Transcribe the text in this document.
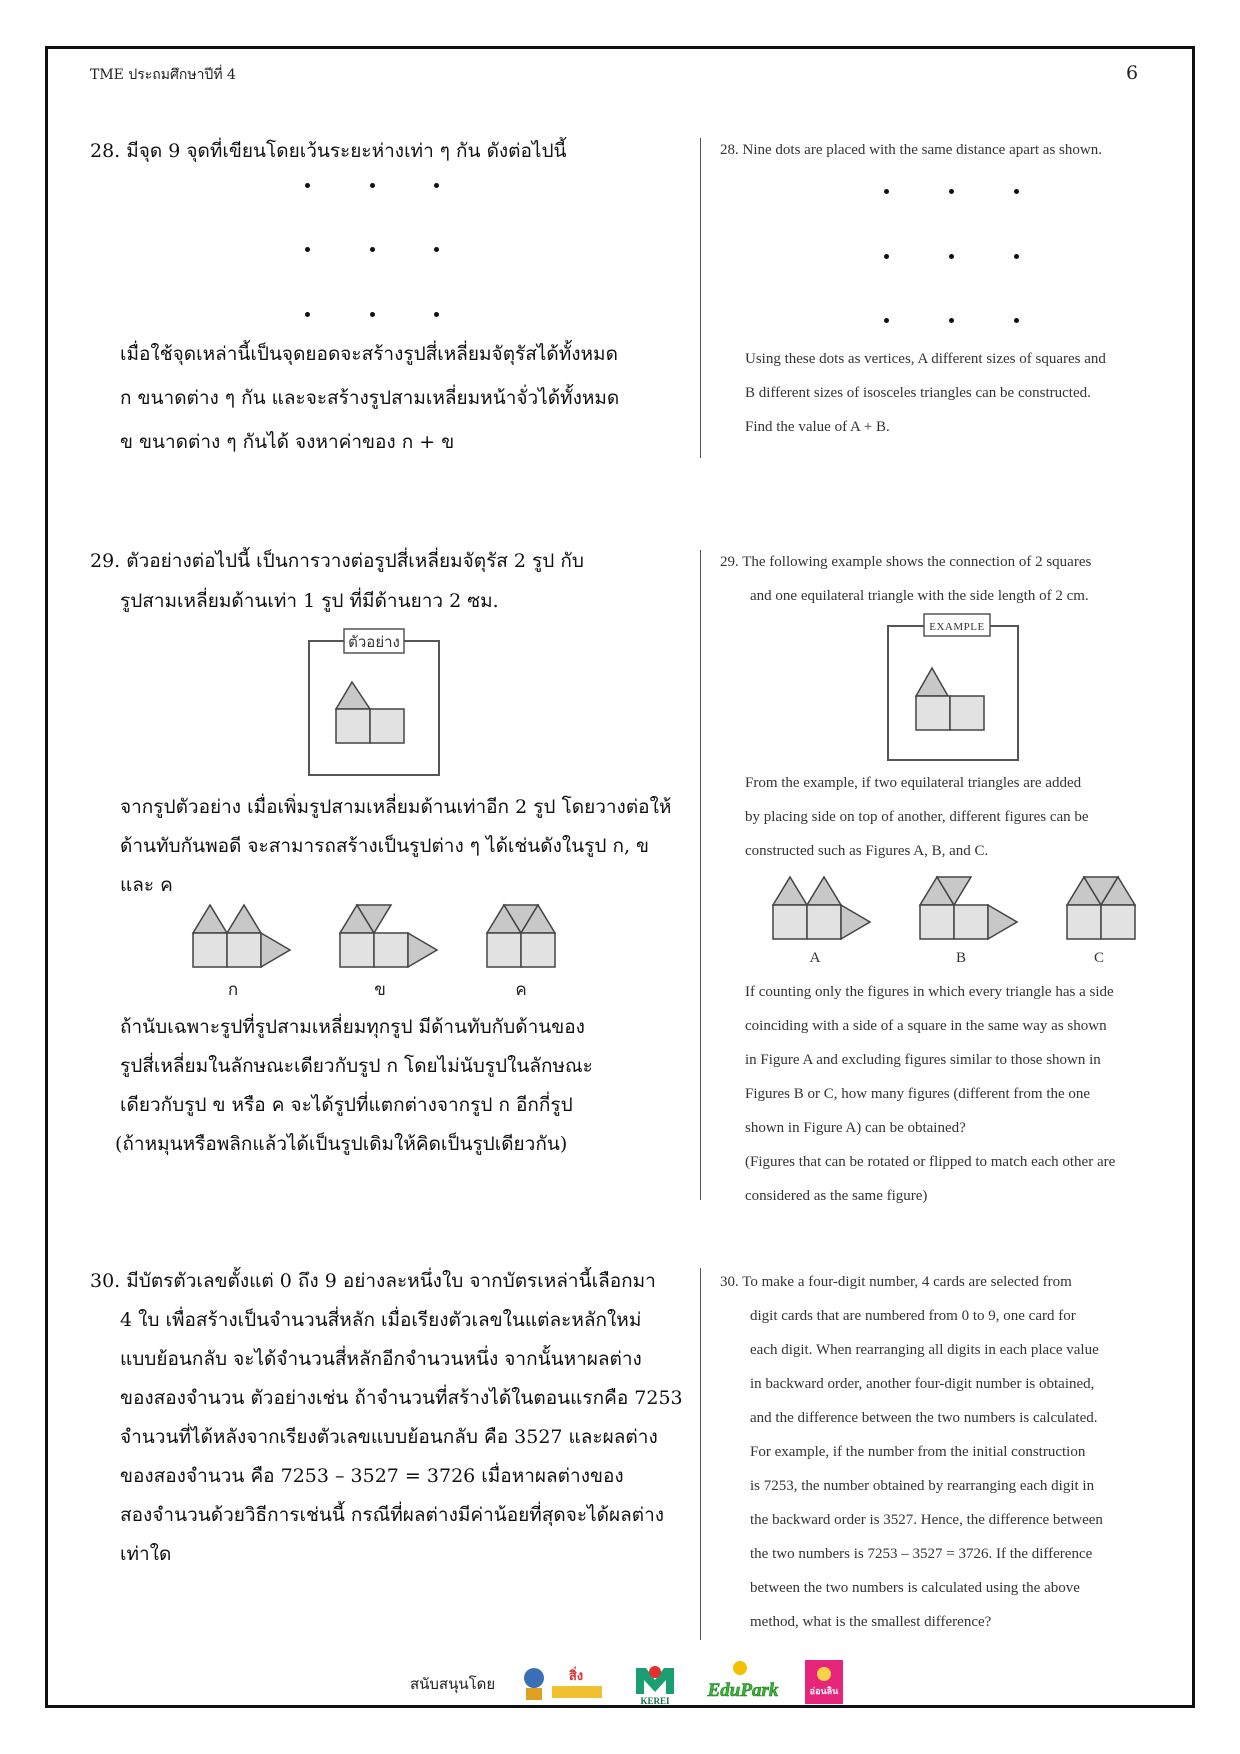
TME ประถมศึกษาปีที่ 4	6
28. มีจุด 9 จุดที่เขียนโดยเว้นระยะห่างเท่า ๆ กัน ดังต่อไปนี้
เมื่อใช้จุดเหล่านี้เป็นจุดยอดจะสร้างรูปสี่เหลี่ยมจัตุรัสได้ทั้งหมด
ก ขนาดต่าง ๆ กัน และจะสร้างรูปสามเหลี่ยมหน้าจั่วได้ทั้งหมด
ข ขนาดต่าง ๆ กันได้ จงหาค่าของ ก + ข
28. Nine dots are placed with the same distance apart as shown.
Using these dots as vertices, A different sizes of squares and
B different sizes of isosceles triangles can be constructed.
Find the value of A + B.
29. ตัวอย่างต่อไปนี้ เป็นการวางต่อรูปสี่เหลี่ยมจัตุรัส 2 รูป กับ
รูปสามเหลี่ยมด้านเท่า 1 รูป ที่มีด้านยาว 2 ซม.
ตัวอย่าง
จากรูปตัวอย่าง เมื่อเพิ่มรูปสามเหลี่ยมด้านเท่าอีก 2 รูป โดยวางต่อให้
ด้านทับกันพอดี จะสามารถสร้างเป็นรูปต่าง ๆ ได้เช่นดังในรูป ก, ข
และ ค
ก	ข	ค
ถ้านับเฉพาะรูปที่รูปสามเหลี่ยมทุกรูป มีด้านทับกับด้านของ
รูปสี่เหลี่ยมในลักษณะเดียวกับรูป ก โดยไม่นับรูปในลักษณะ
เดียวกับรูป ข หรือ ค จะได้รูปที่แตกต่างจากรูป ก อีกกี่รูป
(ถ้าหมุนหรือพลิกแล้วได้เป็นรูปเดิมให้คิดเป็นรูปเดียวกัน)
29. The following example shows the connection of 2 squares
and one equilateral triangle with the side length of 2 cm.
EXAMPLE
From the example, if two equilateral triangles are added
by placing side on top of another, different figures can be
constructed such as Figures A, B, and C.
A	B	C
If counting only the figures in which every triangle has a side
coinciding with a side of a square in the same way as shown
in Figure A and excluding figures similar to those shown in
Figures B or C, how many figures (different from the one
shown in Figure A) can be obtained?
(Figures that can be rotated or flipped to match each other are
considered as the same figure)
30. มีบัตรตัวเลขตั้งแต่ 0 ถึง 9 อย่างละหนึ่งใบ จากบัตรเหล่านี้เลือกมา
4 ใบ เพื่อสร้างเป็นจำนวนสี่หลัก เมื่อเรียงตัวเลขในแต่ละหลักใหม่
แบบย้อนกลับ จะได้จำนวนสี่หลักอีกจำนวนหนึ่ง จากนั้นหาผลต่าง
ของสองจำนวน ตัวอย่างเช่น ถ้าจำนวนที่สร้างได้ในตอนแรกคือ 7253
จำนวนที่ได้หลังจากเรียงตัวเลขแบบย้อนกลับ คือ 3527 และผลต่าง
ของสองจำนวน คือ 7253 – 3527 = 3726 เมื่อหาผลต่างของ
สองจำนวนด้วยวิธีการเช่นนี้ กรณีที่ผลต่างมีค่าน้อยที่สุดจะได้ผลต่าง
เท่าใด
30. To make a four-digit number, 4 cards are selected from
digit cards that are numbered from 0 to 9, one card for
each digit. When rearranging all digits in each place value
in backward order, another four-digit number is obtained,
and the difference between the two numbers is calculated.
For example, if the number from the initial construction
is 7253, the number obtained by rearranging each digit in
the backward order is 3527. Hence, the difference between
the two numbers is 7253 – 3527 = 3726. If the difference
between the two numbers is calculated using the above
method, what is the smallest difference?
สนับสนุนโดย	สิ่ง
KEREI EduPark	อ่อนลิน
